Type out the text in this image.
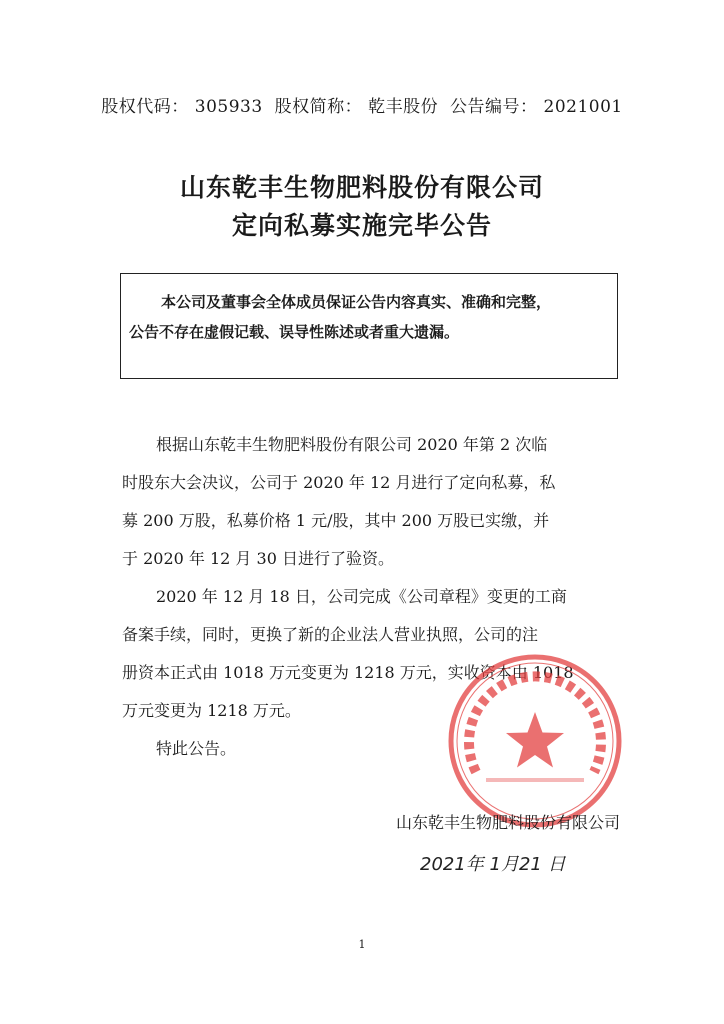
股权代码： 305933 股权简称： 乾丰股份 公告编号： 2021001
山东乾丰生物肥料股份有限公司
定向私募实施完毕公告
本公司及董事会全体成员保证公告内容真实、准确和完整，
公告不存在虚假记载、误导性陈述或者重大遗漏。
根据山东乾丰生物肥料股份有限公司 2020 年第 2 次临
时股东大会决议，公司于 2020 年 12 月进行了定向私募，私
募 200 万股，私募价格 1 元/股，其中 200 万股已实缴，并
于 2020 年 12 月 30 日进行了验资。
2020 年 12 月 18 日，公司完成《公司章程》变更的工商
备案手续，同时，更换了新的企业法人营业执照，公司的注
册资本正式由 1018 万元变更为 1218 万元，实收资本由 1018
万元变更为 1218 万元。
特此公告。
山东乾丰生物肥料股份有限公司
2021年 1月21 日
1
